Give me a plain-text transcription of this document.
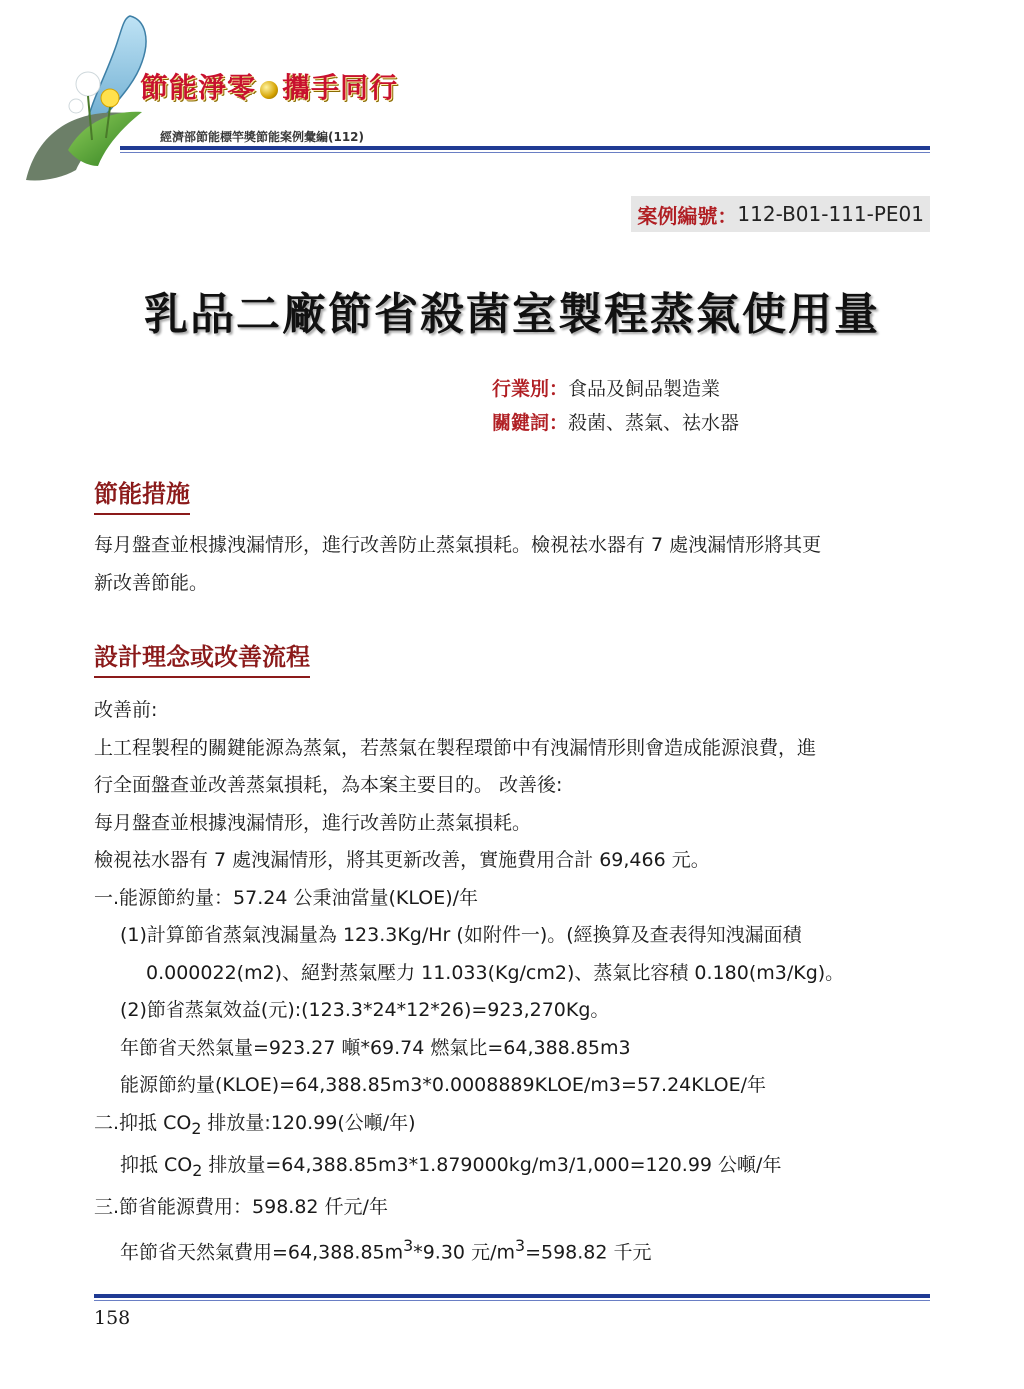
節能淨零 攜手同行
經濟部節能標竿獎節能案例彙編(112)
案例編號： 112-B01-111-PE01
乳品二廠節省殺菌室製程蒸氣使用量
行業別：食品及飼品製造業
關鍵詞：殺菌、蒸氣、祛水器
節能措施
每月盤查並根據洩漏情形，進行改善防止蒸氣損耗。檢視祛水器有 7 處洩漏情形將其更
新改善節能。
設計理念或改善流程
改善前:
上工程製程的關鍵能源為蒸氣，若蒸氣在製程環節中有洩漏情形則會造成能源浪費，進
行全面盤查並改善蒸氣損耗，為本案主要目的。 改善後:
每月盤查並根據洩漏情形，進行改善防止蒸氣損耗。
檢視祛水器有 7 處洩漏情形，將其更新改善，實施費用合計 69,466 元。
一.能源節約量：57.24 公秉油當量(KLOE)/年
(1)計算節省蒸氣洩漏量為 123.3Kg/Hr (如附件一)。(經換算及查表得知洩漏面積
0.000022(m2)、絕對蒸氣壓力 11.033(Kg/cm2)、蒸氣比容積 0.180(m3/Kg)。
(2)節省蒸氣效益(元):(123.3*24*12*26)=923,270Kg。
年節省天然氣量=923.27 噸*69.74 燃氣比=64,388.85m3
能源節約量(KLOE)=64,388.85m3*0.0008889KLOE/m3=57.24KLOE/年
二.抑抵 $CO_2$ 排放量:120.99(公噸/年)
抑抵 $CO_2$ 排放量=64,388.85m3*1.879000kg/m3/1,000=120.99 公噸/年
三.節省能源費用：598.82 仟元/年
年節省天然氣費用$=64,388.85m^3*9.30$ 元$/m^3=598.82$ 千元
158
